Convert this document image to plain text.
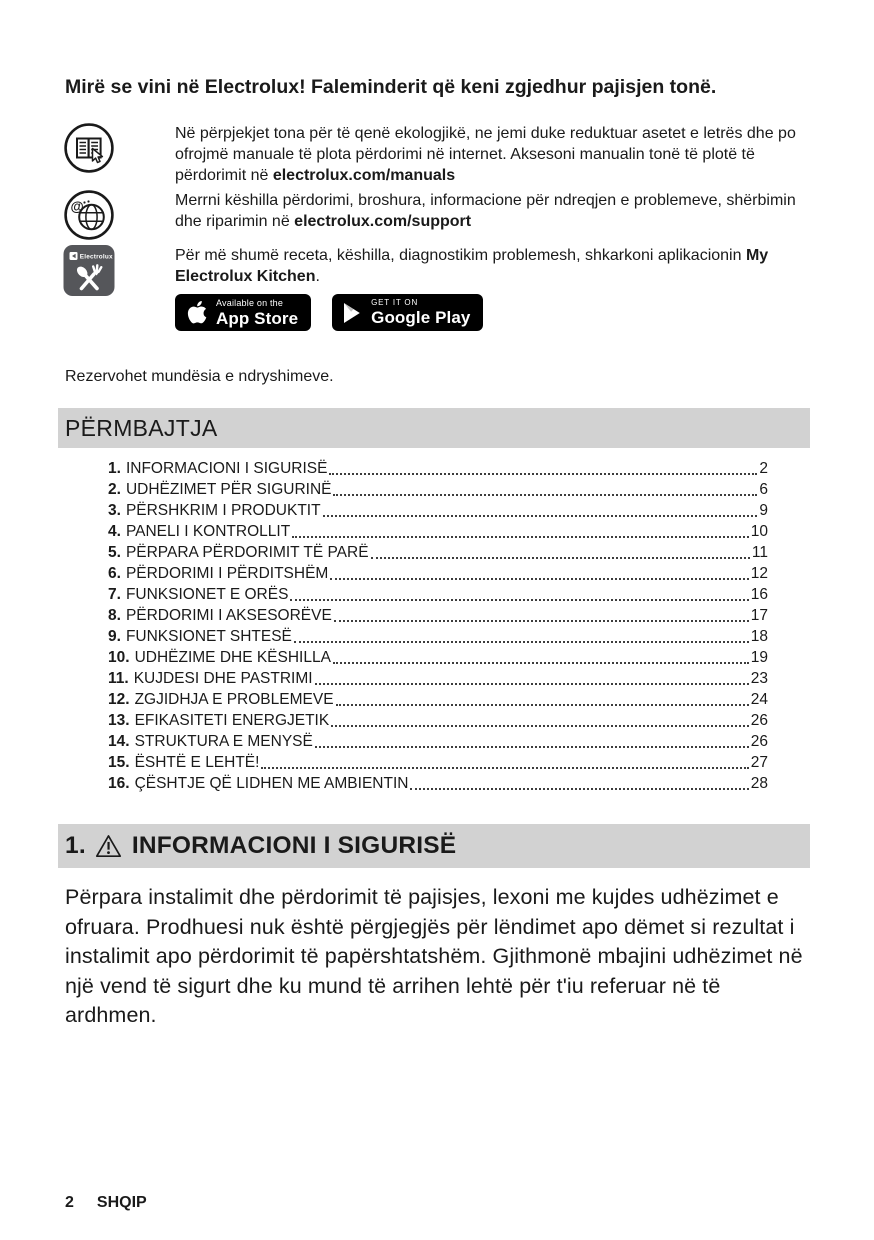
Mirë se vini në Electrolux! Faleminderit që keni zgjedhur pajisjen tonë.
Në përpjekjet tona për të qenë ekologjikë, ne jemi duke reduktuar asetet e letrës dhe po ofrojmë manuale të plota përdorimi në internet. Aksesoni manualin tonë të plotë të përdorimit në electrolux.com/manuals
@	Merrni këshilla përdorimi, broshura, informacione për ndreqjen e problemeve, shërbimin dhe riparimin në electrolux.com/support
Electrolux	Për më shumë receta, këshilla, diagnostikim problemesh, shkarkoni aplikacionin My Electrolux Kitchen.
Available on the
App Store
GET IT ON
Google Play

Rezervohet mundësia e ndryshimeve.

PËRMBAJTJA
1. INFORMACIONI I SIGURISË	2
2. UDHËZIMET PËR SIGURINË	6
3. PËRSHKRIM I PRODUKTIT	9
4. PANELI I KONTROLLIT	10
5. PËRPARA PËRDORIMIT TË PARË	11
6. PËRDORIMI I PËRDITSHËM	12
7. FUNKSIONET E ORËS	16
8. PËRDORIMI I AKSESORËVE	17
9. FUNKSIONET SHTESË	18
10. UDHËZIME DHE KËSHILLA	19
11. KUJDESI DHE PASTRIMI	23
12. ZGJIDHJA E PROBLEMEVE	24
13. EFIKASITETI ENERGJETIK	26
14. STRUKTURA E MENYSË	26
15. ËSHTË E LEHTË!	27
16. ÇËSHTJE QË LIDHEN ME AMBIENTIN	28
1. INFORMACIONI I SIGURISË

Përpara instalimit dhe përdorimit të pajisjes, lexoni me kujdes udhëzimet e ofruara. Prodhuesi nuk është përgjegjës për lëndimet apo dëmet si rezultat i instalimit apo përdorimit të papërshtatshëm. Gjithmonë mbajini udhëzimet në një vend të sigurt dhe ku mund të arrihen lehtë për t'iu referuar në të ardhmen.

2 SHQIP
